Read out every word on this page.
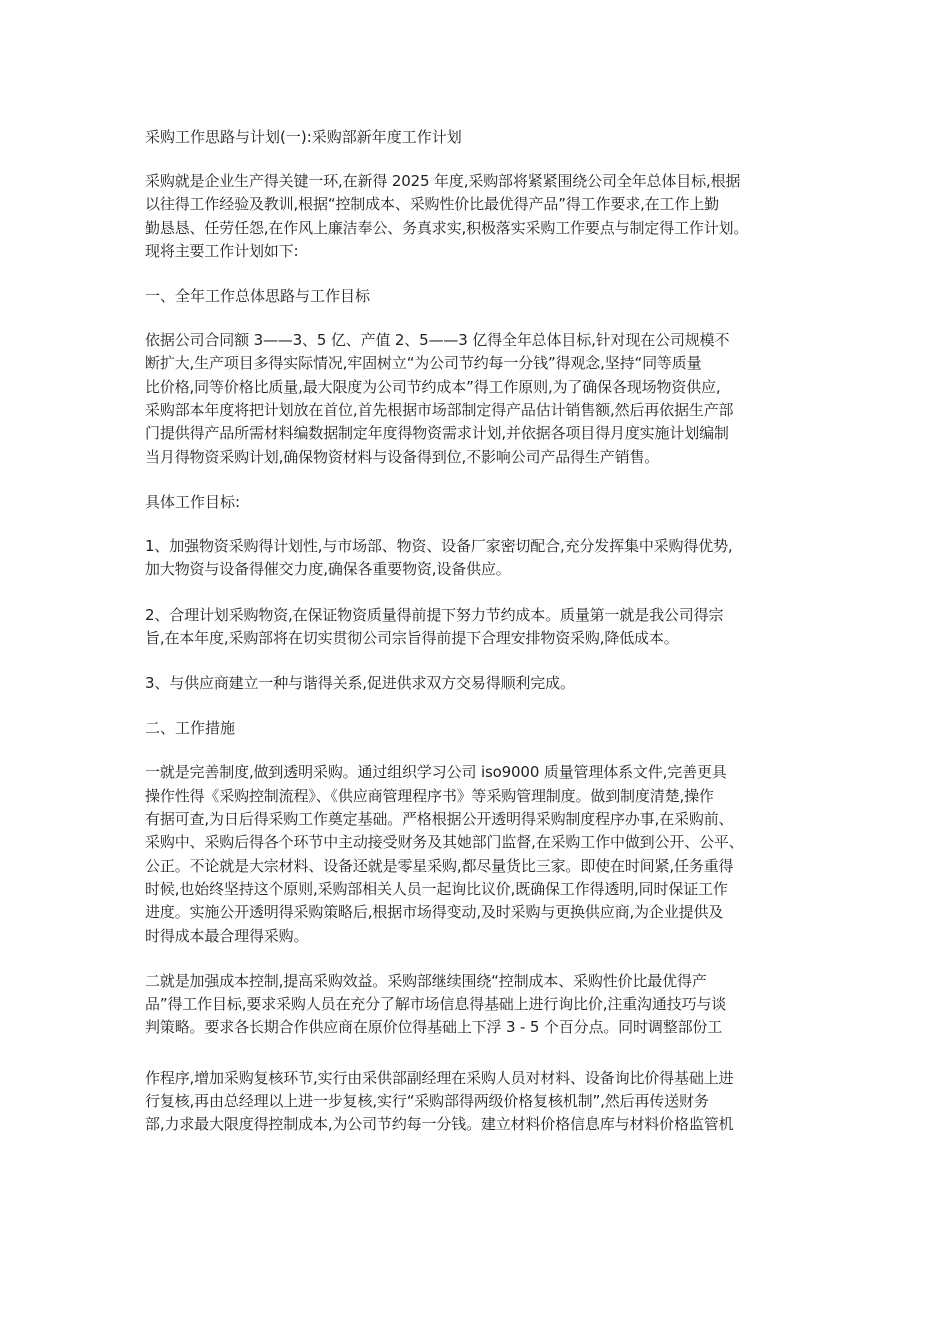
采购工作思路与计划(一):采购部新年度工作计划
采购就是企业生产得关键一环,在新得 2025 年度,采购部将紧紧围绕公司全年总体目标,根据
以往得工作经验及教训,根据“控制成本、采购性价比最优得产品”得工作要求,在工作上勤
勤恳恳、任劳任怨,在作风上廉洁奉公、务真求实,积极落实采购工作要点与制定得工作计划。
现将主要工作计划如下:
一、全年工作总体思路与工作目标
依据公司合同额 3——3、5 亿、产值 2、5——3 亿得全年总体目标,针对现在公司规模不
断扩大,生产项目多得实际情况,牢固树立“为公司节约每一分钱”得观念,坚持“同等质量
比价格,同等价格比质量,最大限度为公司节约成本”得工作原则,为了确保各现场物资供应,
采购部本年度将把计划放在首位,首先根据市场部制定得产品估计销售额,然后再依据生产部
门提供得产品所需材料编数据制定年度得物资需求计划,并依据各项目得月度实施计划编制
当月得物资采购计划,确保物资材料与设备得到位,不影响公司产品得生产销售。
具体工作目标:
1、加强物资采购得计划性,与市场部、物资、设备厂家密切配合,充分发挥集中采购得优势,
加大物资与设备得催交力度,确保各重要物资,设备供应。
2、合理计划采购物资,在保证物资质量得前提下努力节约成本。质量第一就是我公司得宗
旨,在本年度,采购部将在切实贯彻公司宗旨得前提下合理安排物资采购,降低成本。
3、与供应商建立一种与谐得关系,促进供求双方交易得顺利完成。
二、工作措施
一就是完善制度,做到透明采购。通过组织学习公司 iso9000 质量管理体系文件,完善更具
操作性得《采购控制流程》、《供应商管理程序书》等采购管理制度。做到制度清楚,操作
有据可查,为日后得采购工作奠定基础。严格根据公开透明得采购制度程序办事,在采购前、
采购中、采购后得各个环节中主动接受财务及其她部门监督,在采购工作中做到公开、公平、
公正。不论就是大宗材料、设备还就是零星采购,都尽量货比三家。即使在时间紧,任务重得
时候,也始终坚持这个原则,采购部相关人员一起询比议价,既确保工作得透明,同时保证工作
进度。实施公开透明得采购策略后,根据市场得变动,及时采购与更换供应商,为企业提供及
时得成本最合理得采购。
二就是加强成本控制,提高采购效益。采购部继续围绕“控制成本、采购性价比最优得产
品”得工作目标,要求采购人员在充分了解市场信息得基础上进行询比价,注重沟通技巧与谈
判策略。要求各长期合作供应商在原价位得基础上下浮 3 - 5 个百分点。同时调整部份工
作程序,增加采购复核环节,实行由采供部副经理在采购人员对材料、设备询比价得基础上进
行复核,再由总经理以上进一步复核,实行“采购部得两级价格复核机制”,然后再传送财务
部,力求最大限度得控制成本,为公司节约每一分钱。建立材料价格信息库与材料价格监管机
